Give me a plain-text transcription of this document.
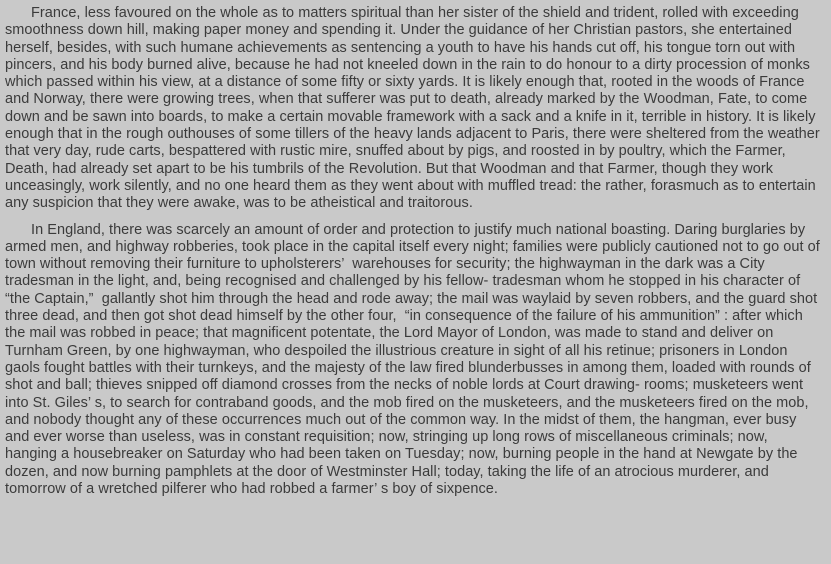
France, less favoured on the whole as to matters spiritual than her sister of the shield and trident, rolled with exceeding smoothness down hill, making paper money and spending it. Under the guidance of her Christian pastors, she entertained herself, besides, with such humane achievements as sentencing a youth to have his hands cut off, his tongue torn out with pincers, and his body burned alive, because he had not kneeled down in the rain to do honour to a dirty procession of monks which passed within his view, at a distance of some fifty or sixty yards. It is likely enough that, rooted in the woods of France and Norway, there were growing trees, when that sufferer was put to death, already marked by the Woodman, Fate, to come down and be sawn into boards, to make a certain movable framework with a sack and a knife in it, terrible in history. It is likely enough that in the rough outhouses of some tillers of the heavy lands adjacent to Paris, there were sheltered from the weather that very day, rude carts, bespattered with rustic mire, snuffed about by pigs, and roosted in by poultry, which the Farmer, Death, had already set apart to be his tumbrils of the Revolution. But that Woodman and that Farmer, though they work unceasingly, work silently, and no one heard them as they went about with muffled tread: the rather, forasmuch as to entertain any suspicion that they were awake, was to be atheistical and traitorous.

In England, there was scarcely an amount of order and protection to justify much national boasting. Daring burglaries by armed men, and highway robberies, took place in the capital itself every night; families were publicly cautioned not to go out of town without removing their furniture to upholsterers’  warehouses for security; the highwayman in the dark was a City tradesman in the light, and, being recognised and challenged by his fellow- tradesman whom he stopped in his character of  “the Captain,”  gallantly shot him through the head and rode away; the mail was waylaid by seven robbers, and the guard shot three dead, and then got shot dead himself by the other four,  “in consequence of the failure of his ammunition” : after which the mail was robbed in peace; that magnificent potentate, the Lord Mayor of London, was made to stand and deliver on Turnham Green, by one highwayman, who despoiled the illustrious creature in sight of all his retinue; prisoners in London gaols fought battles with their turnkeys, and the majesty of the law fired blunderbusses in among them, loaded with rounds of shot and ball; thieves snipped off diamond crosses from the necks of noble lords at Court drawing- rooms; musketeers went into St. Giles’ s, to search for contraband goods, and the mob fired on the musketeers, and the musketeers fired on the mob, and nobody thought any of these occurrences much out of the common way. In the midst of them, the hangman, ever busy and ever worse than useless, was in constant requisition; now, stringing up long rows of miscellaneous criminals; now, hanging a housebreaker on Saturday who had been taken on Tuesday; now, burning people in the hand at Newgate by the dozen, and now burning pamphlets at the door of Westminster Hall; today, taking the life of an atrocious murderer, and tomorrow of a wretched pilferer who had robbed a farmer’ s boy of sixpence.
